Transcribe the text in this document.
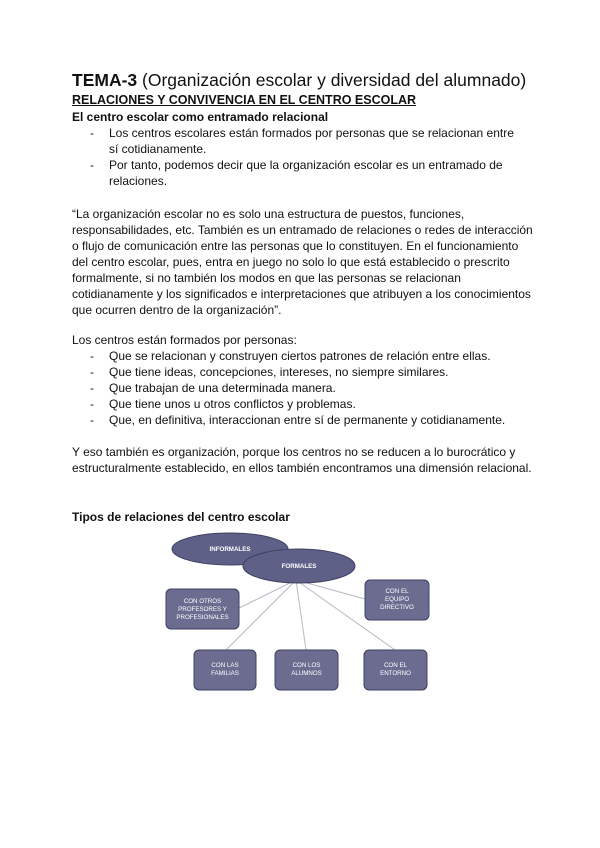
TEMA-3 (Organización escolar y diversidad del alumnado)
RELACIONES Y CONVIVENCIA EN EL CENTRO ESCOLAR
El centro escolar como entramado relacional
- Los centros escolares están formados por personas que se relacionan entre sí cotidianamente.
- Por tanto, podemos decir que la organización escolar es un entramado de relaciones.

“La organización escolar no es solo una estructura de puestos, funciones, responsabilidades, etc. También es un entramado de relaciones o redes de interacción o flujo de comunicación entre las personas que lo constituyen. En el funcionamiento del centro escolar, pues, entra en juego no solo lo que está establecido o prescrito formalmente, si no también los modos en que las personas se relacionan cotidianamente y los significados e interpretaciones que atribuyen a los conocimientos que ocurren dentro de la organización”.

Los centros están formados por personas:

- Que se relacionan y construyen ciertos patrones de relación entre ellas.
- Que tiene ideas, concepciones, intereses, no siempre similares.
- Que trabajan de una determinada manera.
- Que tiene unos u otros conflictos y problemas.
- Que, en definitiva, interaccionan entre sí de permanente y cotidianamente.

Y eso también es organización, porque los centros no se reducen a lo burocrático y estructuralmente establecido, en ellos también encontramos una dimensión relacional.

Tipos de relaciones del centro escolar
INFORMALES
FORMALES
CON OTROS
PROFESORES Y
PROFESIONALES
CON EL
EQUIPO
DIRECTIVO
CON LAS
FAMILIAS
CON LOS
ALUMNOS
CON EL
ENTORNO
